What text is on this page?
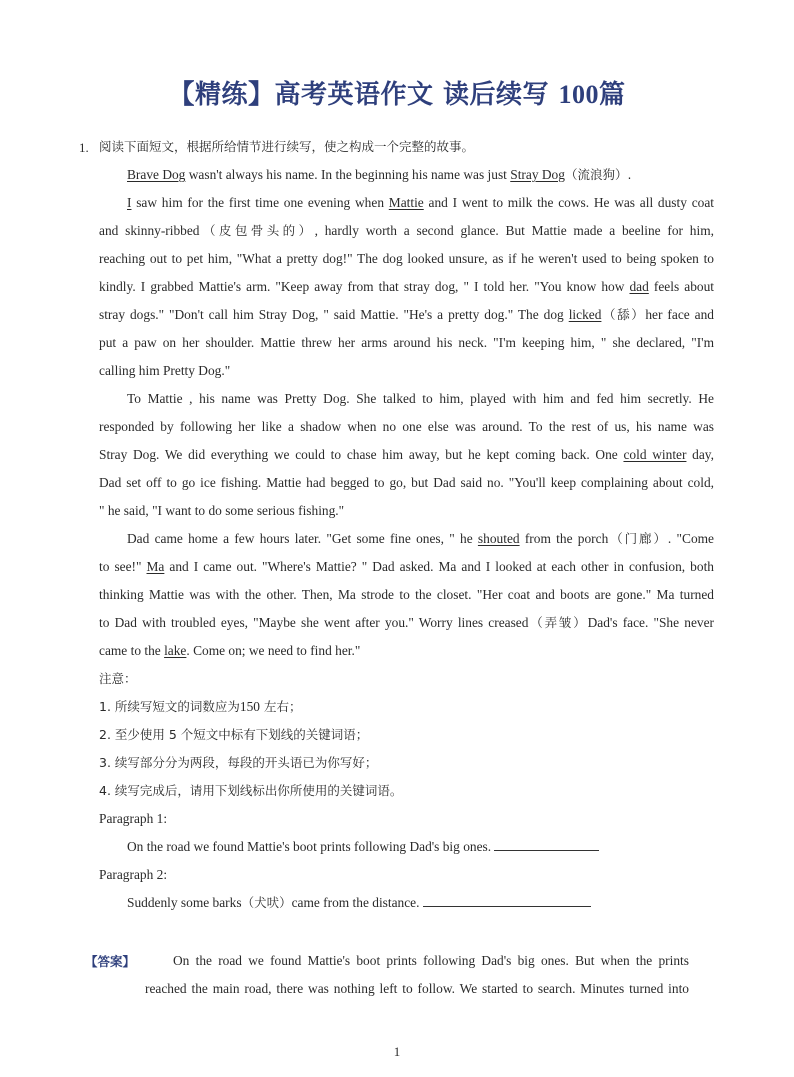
【精练】高考英语作文 读后续写 100篇
1. 阅读下面短文，根据所给情节进行续写，使之构成一个完整的故事。
Brave Dog wasn't always his name. In the beginning his name was just Stray Dog（流浪狗）.
I saw him for the first time one evening when Mattie and I went to milk the cows. He was all dusty coat
and skinny-ribbed（皮包骨头的）, hardly worth a second glance. But Mattie made a beeline for him,
reaching out to pet him, "What a pretty dog!" The dog looked unsure, as if he weren't used to being spoken to
kindly. I grabbed Mattie's arm. "Keep away from that stray dog, " I told her. "You know how dad feels about
stray dogs." "Don't call him Stray Dog, " said Mattie. "He's a pretty dog." The dog licked（舔）her face and
put a paw on her shoulder. Mattie threw her arms around his neck. "I'm keeping him, " she declared, "I'm
calling him Pretty Dog."
To Mattie , his name was Pretty Dog. She talked to him, played with him and fed him secretly. He
responded by following her like a shadow when no one else was around. To the rest of us, his name was
Stray Dog. We did everything we could to chase him away, but he kept coming back. One cold winter day,
Dad set off to go ice fishing. Mattie had begged to go, but Dad said no. "You'll keep complaining about cold,
" he said, "I want to do some serious fishing."
Dad came home a few hours later. "Get some fine ones, " he shouted from the porch（门廊）. "Come
to see!" Ma and I came out. "Where's Mattie? " Dad asked. Ma and I looked at each other in confusion, both
thinking Mattie was with the other. Then, Ma strode to the closet. "Her coat and boots are gone." Ma turned
to Dad with troubled eyes, "Maybe she went after you." Worry lines creased（弄皱）Dad's face. "She never
came to the lake. Come on; we need to find her."
注意：
1. 所续写短文的词数应为150 左右；
2. 至少使用 5 个短文中标有下划线的关键词语；
3. 续写部分分为两段，每段的开头语已为你写好；
4. 续写完成后，请用下划线标出你所使用的关键词语。
Paragraph 1:
On the road we found Mattie's boot prints following Dad's big ones.
Paragraph 2:
Suddenly some barks（犬吠）came from the distance.
【答案】	On the road we found Mattie's boot prints following Dad's big ones. But when the prints
reached the main road, there was nothing left to follow. We started to search. Minutes turned into
1
